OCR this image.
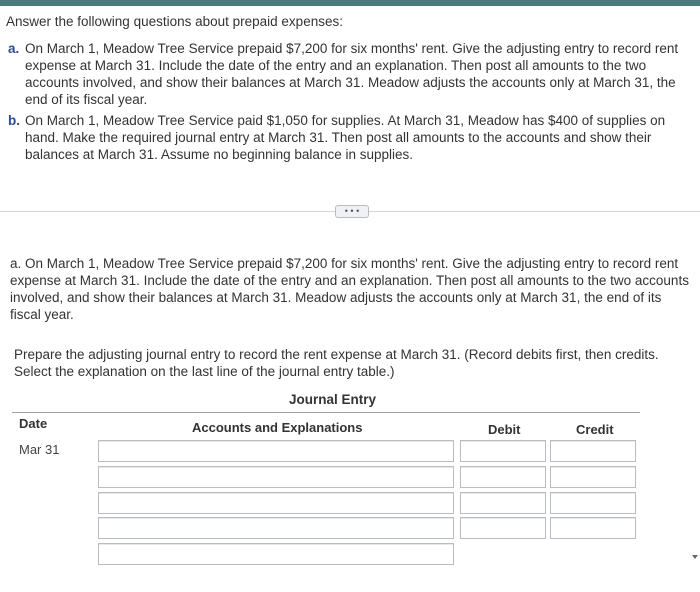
Answer the following questions about prepaid expenses:
a. On March 1, Meadow Tree Service prepaid $7,200 for six months' rent. Give the adjusting entry to record rent expense at March 31. Include the date of the entry and an explanation. Then post all amounts to the two accounts involved, and show their balances at March 31. Meadow adjusts the accounts only at March 31, the end of its fiscal year.
b. On March 1, Meadow Tree Service paid $1,050 for supplies. At March 31, Meadow has $400 of supplies on hand. Make the required journal entry at March 31. Then post all amounts to the accounts and show their balances at March 31. Assume no beginning balance in supplies.
• • •
a. On March 1, Meadow Tree Service prepaid $7,200 for six months' rent. Give the adjusting entry to record rent expense at March 31. Include the date of the entry and an explanation. Then post all amounts to the two accounts involved, and show their balances at March 31. Meadow adjusts the accounts only at March 31, the end of its fiscal year.
Prepare the adjusting journal entry to record the rent expense at March 31. (Record debits first, then credits. Select the explanation on the last line of the journal entry table.)
Journal Entry
Date	Accounts and Explanations	Debit	Credit
Mar 31
